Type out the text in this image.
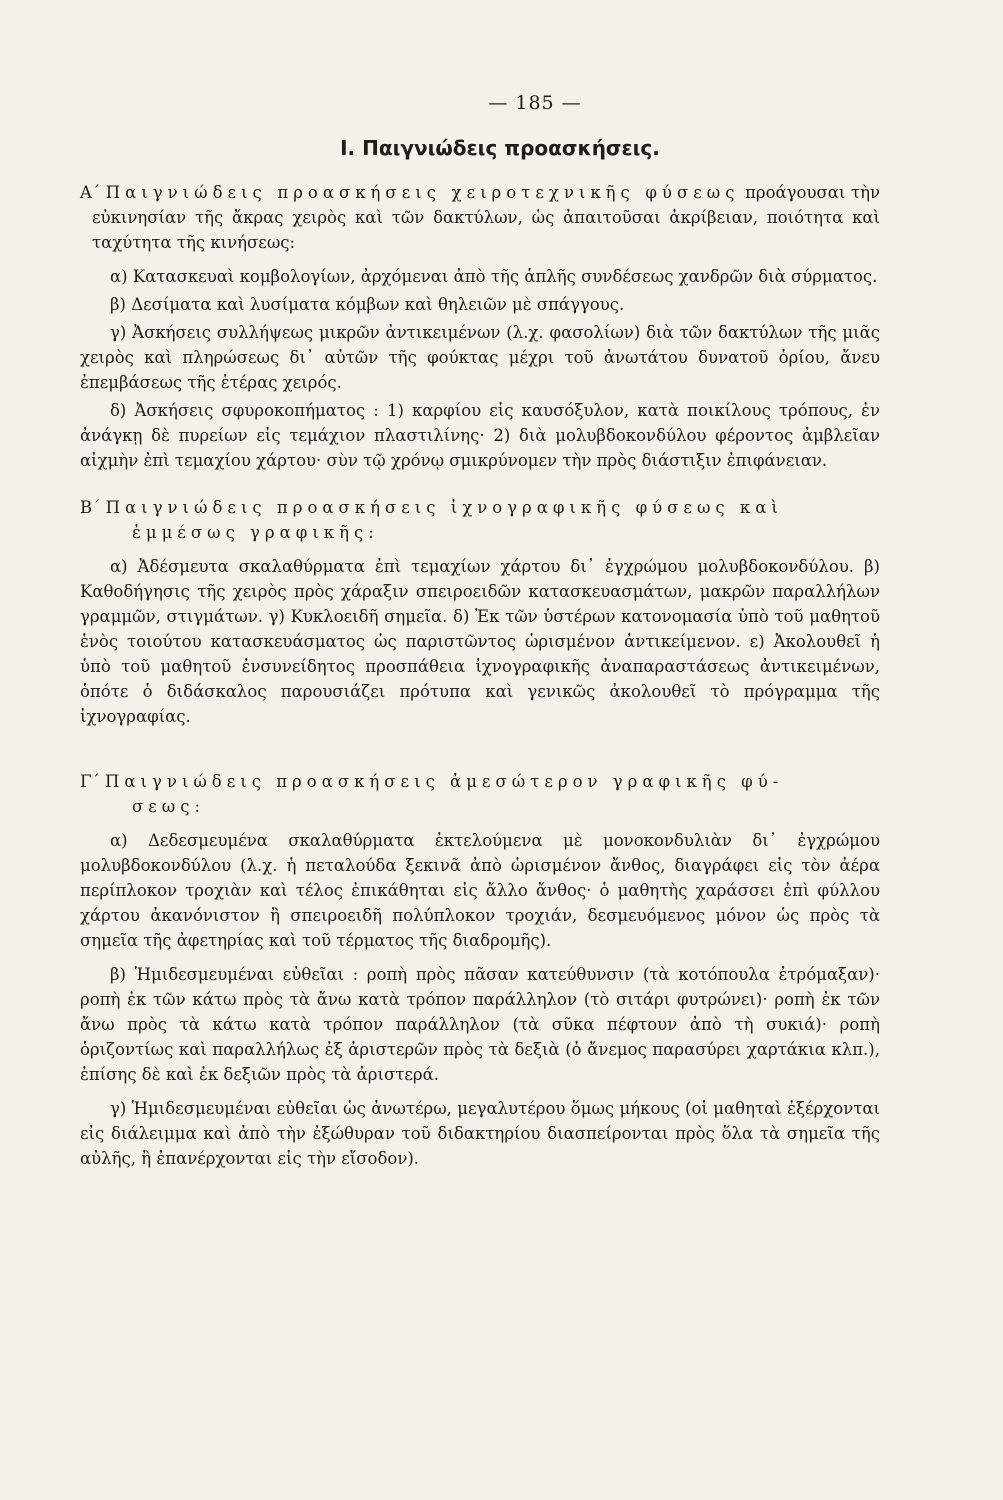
— 185 —
Ι. Παιγνιώδεις προασκήσεις.

Α΄ Παιγνιώδεις προασκήσεις χειροτεχνικῆς φύσεως προάγουσαι τὴν εὐκινησίαν τῆς ἄκρας χειρὸς καὶ τῶν δακτύλων, ὡς ἀπαιτοῦσαι ἀκρίβειαν, ποιότητα καὶ ταχύτητα τῆς κινήσεως:

α) Κατασκευαὶ κομβολογίων, ἀρχόμεναι ἀπὸ τῆς ἁπλῆς συνδέσεως χανδρῶν διὰ σύρματος.

β) Δεσίματα καὶ λυσίματα κόμβων καὶ θηλειῶν μὲ σπάγγους.

γ) Ἀσκήσεις συλλήψεως μικρῶν ἀντικειμένων (λ.χ. φασολίων) διὰ τῶν δακτύλων τῆς μιᾶς χειρὸς καὶ πληρώσεως δι᾽ αὐτῶν τῆς φούκτας μέχρι τοῦ ἀνωτάτου δυνατοῦ ὁρίου, ἄνευ ἐπεμβάσεως τῆς ἑτέρας χειρός.

δ) Ἀσκήσεις σφυροκοπήματος : 1) καρφίου εἰς καυσόξυλον, κατὰ ποικίλους τρόπους, ἐν ἀνάγκῃ δὲ πυρείων εἰς τεμάχιον πλαστιλίνης· 2) διὰ μολυβδοκονδύλου φέροντος ἀμβλεῖαν αἰχμὴν ἐπὶ τεμαχίου χάρτου· σὺν τῷ χρόνῳ σμικρύνομεν τὴν πρὸς διάστιξιν ἐπιφάνειαν.

Β΄ Παιγνιώδεις προασκήσεις ἰχνογραφικῆς φύσεως καὶ

ἐμμέσως γραφικῆς:

α) Ἀδέσμευτα σκαλαθύρματα ἐπὶ τεμαχίων χάρτου δι᾽ ἐγχρώμου μολυβδοκονδύλου. β) Καθοδήγησις τῆς χειρὸς πρὸς χάραξιν σπειροειδῶν κατασκευασμάτων, μακρῶν παραλλήλων γραμμῶν, στιγμάτων. γ) Κυκλοειδῆ σημεῖα. δ) Ἐκ τῶν ὑστέρων κατονομασία ὑπὸ τοῦ μαθητοῦ ἑνὸς τοιούτου κατασκευάσματος ὡς παριστῶντος ὡρισμένον ἀντικείμενον. ε) Ἀκολουθεῖ ἡ ὑπὸ τοῦ μαθητοῦ ἐνσυνείδητος προσπάθεια ἰχνογραφικῆς ἀναπαραστάσεως ἀντικειμένων, ὁπότε ὁ διδάσκαλος παρουσιάζει πρότυπα καὶ γενικῶς ἀκολουθεῖ τὸ πρόγραμμα τῆς ἰχνογραφίας.

Γ΄ Παιγνιώδεις προασκήσεις ἀμεσώτερον γραφικῆς φύ-

σεως:

α) Δεδεσμευμένα σκαλαθύρματα ἐκτελούμενα μὲ μονοκονδυλιὰν δι᾽ ἐγχρώμου μολυβδοκονδύλου (λ.χ. ἡ πεταλούδα ξεκινᾶ ἀπὸ ὡρισμένον ἄνθος, διαγράφει εἰς τὸν ἀέρα περίπλοκον τροχιὰν καὶ τέλος ἐπικάθηται εἰς ἄλλο ἄνθος· ὁ μαθητὴς χαράσσει ἐπὶ φύλλου χάρτου ἀκανόνιστον ἢ σπειροειδῆ πολύπλοκον τροχιάν, δεσμευόμενος μόνον ὡς πρὸς τὰ σημεῖα τῆς ἀφετηρίας καὶ τοῦ τέρματος τῆς διαδρομῆς).

β) Ἡμιδεσμευμέναι εὐθεῖαι : ροπὴ πρὸς πᾶσαν κατεύθυνσιν (τὰ κοτόπουλα ἐτρόμαξαν)· ροπὴ ἐκ τῶν κάτω πρὸς τὰ ἄνω κατὰ τρόπον παράλληλον (τὸ σιτάρι φυτρώνει)· ροπὴ ἐκ τῶν ἄνω πρὸς τὰ κάτω κατὰ τρόπον παράλληλον (τὰ σῦκα πέφτουν ἀπὸ τὴ συκιά)· ροπὴ ὁριζοντίως καὶ παραλλήλως ἐξ ἀριστερῶν πρὸς τὰ δεξιὰ (ὁ ἄνεμος παρασύρει χαρτάκια κλπ.), ἐπίσης δὲ καὶ ἐκ δεξιῶν πρὸς τὰ ἀριστερά.

γ) Ἡμιδεσμευμέναι εὐθεῖαι ὡς ἀνωτέρω, μεγαλυτέρου ὅμως μήκους (οἱ μαθηταὶ ἐξέρχονται εἰς διάλειμμα καὶ ἀπὸ τὴν ἐξώθυραν τοῦ διδακτηρίου διασπείρονται πρὸς ὅλα τὰ σημεῖα τῆς αὐλῆς, ἢ ἐπανέρχονται εἰς τὴν εἴσοδον).
